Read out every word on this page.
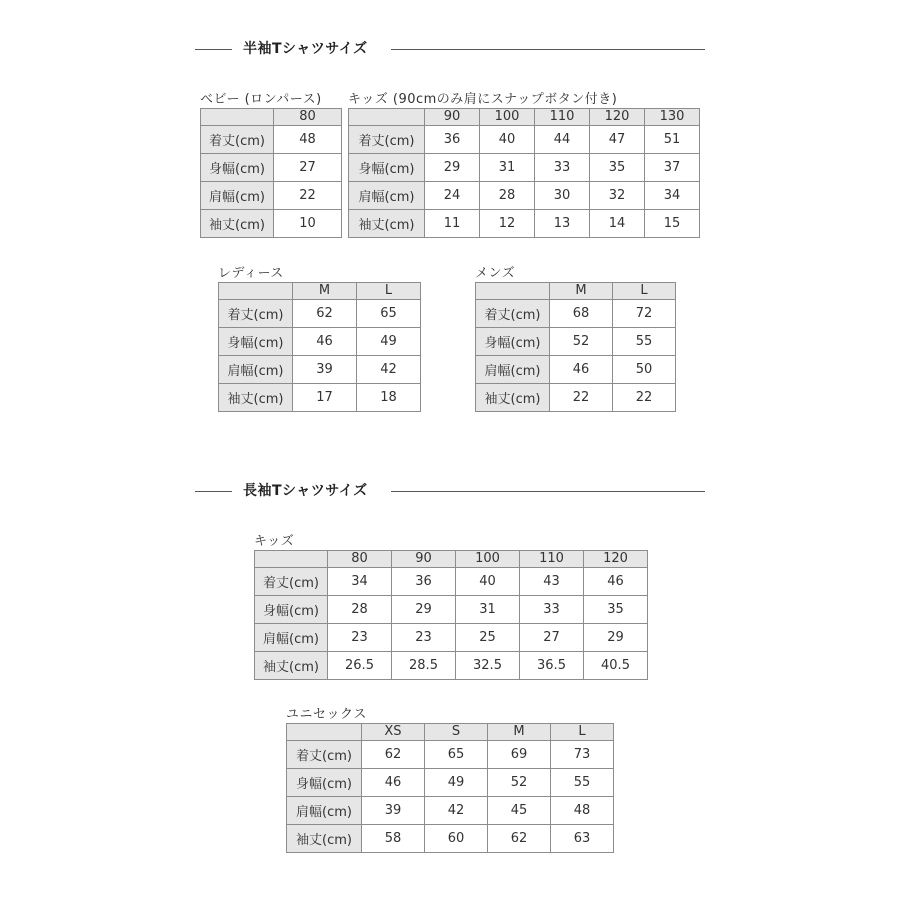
半袖Tシャツサイズ
長袖Tシャツサイズ
ベビー (ロンパース)
	80
着丈(cm)	48
身幅(cm)	27
肩幅(cm)	22
袖丈(cm)	10
キッズ (90cmのみ肩にスナップボタン付き)
	90	100	110	120	130
着丈(cm)	36	40	44	47	51
身幅(cm)	29	31	33	35	37
肩幅(cm)	24	28	30	32	34
袖丈(cm)	11	12	13	14	15
レディース
	M	L
着丈(cm)	62	65
身幅(cm)	46	49
肩幅(cm)	39	42
袖丈(cm)	17	18
メンズ
	M	L
着丈(cm)	68	72
身幅(cm)	52	55
肩幅(cm)	46	50
袖丈(cm)	22	22
キッズ
	80	90	100	110	120
着丈(cm)	34	36	40	43	46
身幅(cm)	28	29	31	33	35
肩幅(cm)	23	23	25	27	29
袖丈(cm)	26.5	28.5	32.5	36.5	40.5
ユニセックス
	XS	S	M	L
着丈(cm)	62	65	69	73
身幅(cm)	46	49	52	55
肩幅(cm)	39	42	45	48
袖丈(cm)	58	60	62	63
